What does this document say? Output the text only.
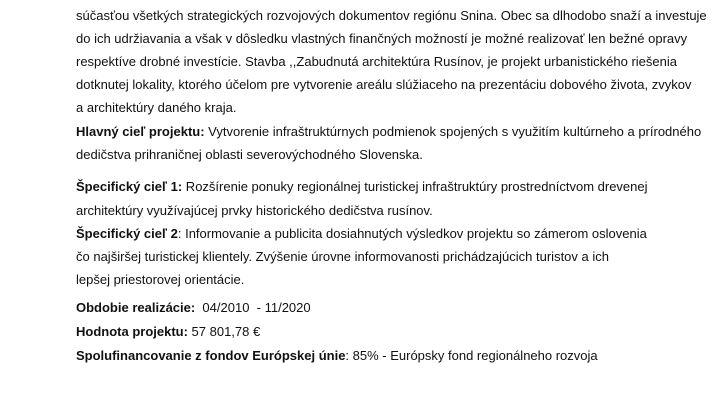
súčasťou všetkých strategických rozvojových dokumentov regiónu Snina. Obec sa dlhodobo snaží a investuje
do ich udržiavania a však v dôsledku vlastných finančných možností je možné realizovať len bežné opravy
respektíve drobné investície. Stavba ,,Zabudnutá architektúra Rusínov, je projekt urbanistického riešenia
dotknutej lokality, ktorého účelom pre vytvorenie areálu slúžiaceho na prezentáciu dobového života, zvykov
a architektúry daného kraja.
Hlavný cieľ projektu: Vytvorenie infraštruktúrnych podmienok spojených s využitím kultúrneho a prírodného
dedičstva prihraničnej oblasti severovýchodného Slovenska.
Špecifický cieľ 1: Rozšírenie ponuky regionálnej turistickej infraštruktúry prostredníctvom drevenej
architektúry využívajúcej prvky historického dedičstva rusínov.
Špecifický cieľ 2: Informovanie a publicita dosiahnutých výsledkov projektu so zámerom oslovenia
čo najširšej turistickej klientely. Zvýšenie úrovne informovanosti prichádzajúcich turistov a ich
lepšej priestorovej orientácie.
Obdobie realizácie:  04/2010  - 11/2020
Hodnota projektu: 57 801,78 €
Spolufinancovanie z fondov Európskej únie: 85% - Európsky fond regionálneho rozvoja
